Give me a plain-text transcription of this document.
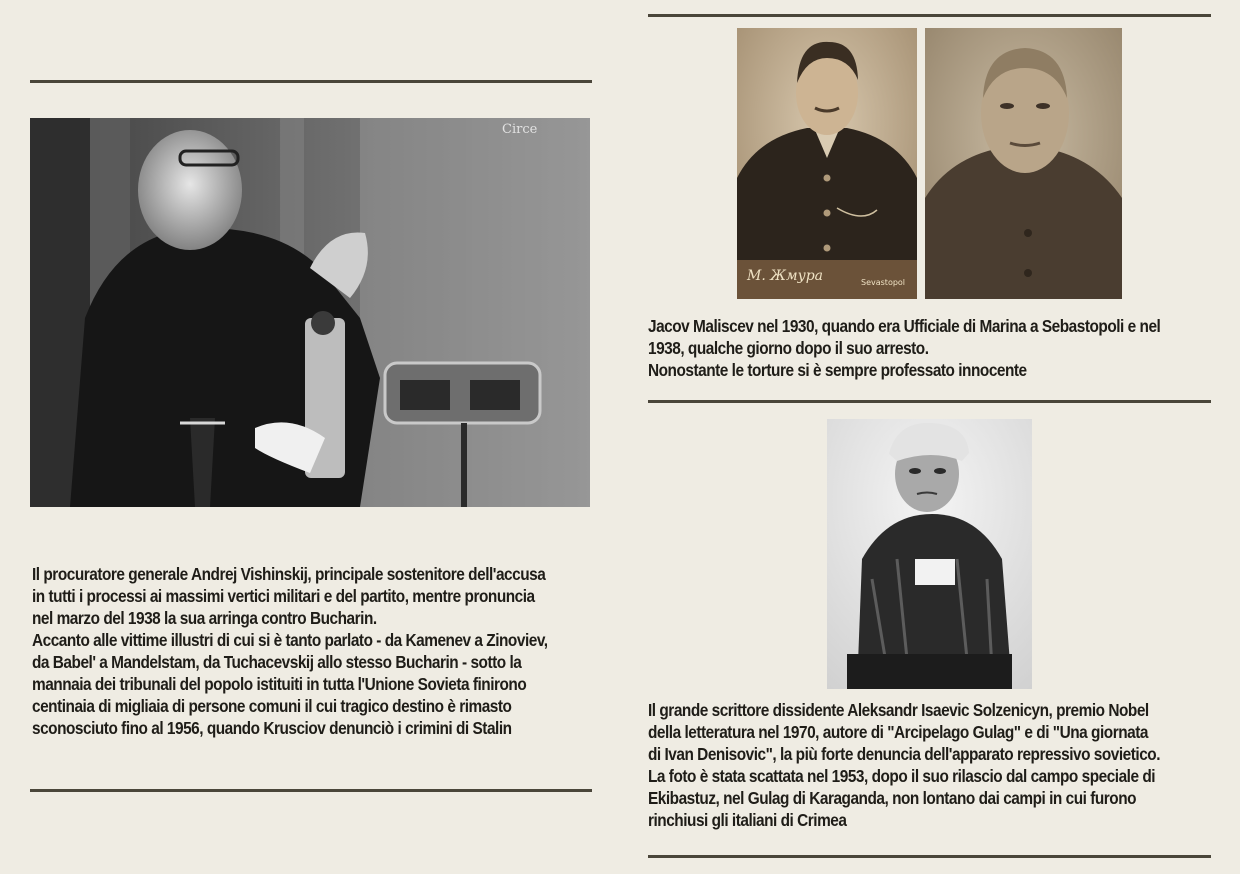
Circe

Il procuratore generale Andrej Vishinskij, principale sostenitore dell'accusa
in tutti i processi ai massimi vertici militari e del partito, mentre pronuncia
nel marzo del 1938 la sua arringa contro Bucharin.
Accanto alle vittime illustri di cui si è tanto parlato - da Kamenev a Zinoviev,
da Babel' a Mandelstam, da Tuchacevskij allo stesso Bucharin - sotto la
mannaia dei tribunali del popolo istituiti in tutta l'Unione Sovieta finirono
centinaia di migliaia di persone comuni il cui tragico destino è rimasto
sconosciuto fino al 1956, quando Krusciov denunciò i crimini di Stalin

M. Жмура	Sevastopol

Jacov Maliscev nel 1930, quando era Ufficiale di Marina a Sebastopoli e nel
1938, qualche giorno dopo il suo arresto.
Nonostante le torture si è sempre professato innocente

Il grande scrittore dissidente Aleksandr Isaevic Solzenicyn, premio Nobel
della letteratura nel 1970, autore di "Arcipelago Gulag" e di "Una giornata
di Ivan Denisovic", la più forte denuncia dell'apparato repressivo sovietico.
La foto è stata scattata nel 1953, dopo il suo rilascio dal campo speciale di
Ekibastuz, nel Gulag di Karaganda, non lontano dai campi in cui furono
rinchiusi gli italiani di Crimea
